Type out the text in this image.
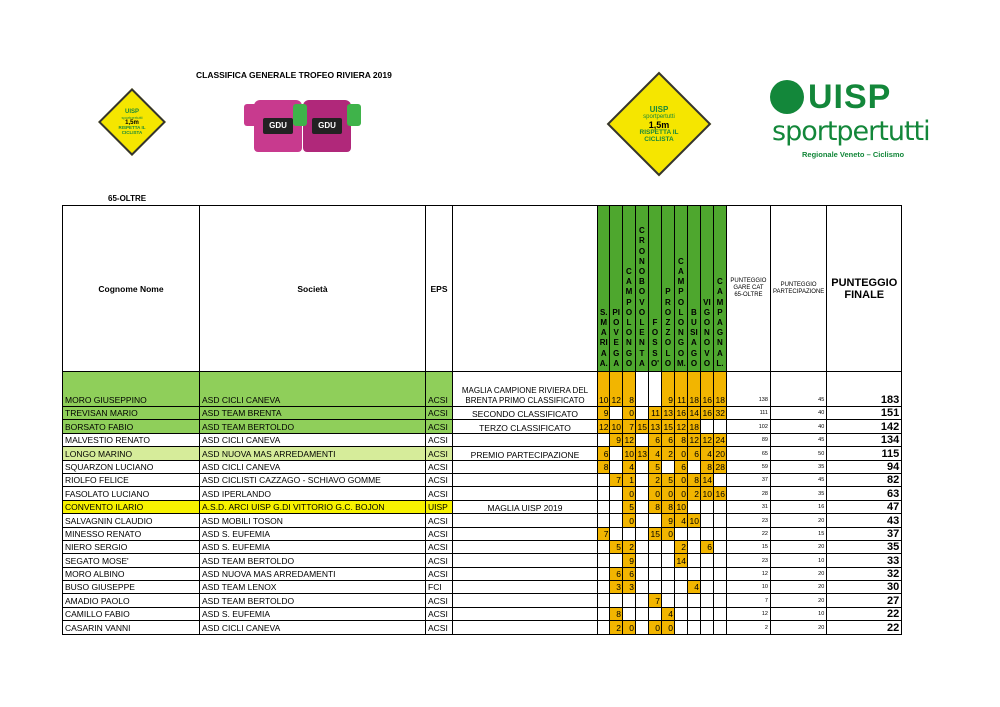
CLASSIFICA GENERALE TROFEO RIVIERA 2019
UISP
sportpertutti
1,5m
RISPETTA IL CICLISTA
GDU	GDU
UISP
sportpertutti
1,5m
RISPETTA IL CICLISTA
UISP
sportpertutti
Regionale Veneto – Ciclismo
65-OLTRE
Cognome Nome	Società	EPS		S. MARIA A.	PIOVEGA	CAMPOLONGO	CRONO BOVOLENTA	FOSSO'	PROZZOLO	CAMPOLONGO M.	BUSIAGO	VIGONOVO	CAMPAGNA L.	PUNTEGGIO GARE CAT 65-OLTRE	PUNTEGGIO PARTECIPAZIONE	PUNTEGGIO FINALE
MORO GIUSEPPINO	ASD CICLI CANEVA	ACSI	MAGLIA CAMPIONE RIVIERA DEL BRENTA PRIMO CLASSIFICATO	10	12	8			9	11	18	16	18	138	45	183
TREVISAN MARIO	ASD TEAM BRENTA	ACSI	SECONDO CLASSIFICATO	9		0		11	13	16	14	16	32	111	40	151
BORSATO FABIO	ASD TEAM BERTOLDO	ACSI	TERZO CLASSIFICATO	12	10	7	15	13	15	12	18			102	40	142
MALVESTIO RENATO	ASD CICLI CANEVA	ACSI			9	12		6	6	8	12	12	24	89	45	134
LONGO MARINO	ASD NUOVA MAS ARREDAMENTI	ACSI	PREMIO PARTECIPAZIONE	6		10	13	4	2	0	6	4	20	65	50	115
SQUARZON LUCIANO	ASD CICLI CANEVA	ACSI		8		4		5		6		8	28	59	35	94
RIOLFO FELICE	ASD CICLISTI CAZZAGO - SCHIAVO GOMME	ACSI			7	1		2	5	0	8	14		37	45	82
FASOLATO LUCIANO	ASD IPERLANDO	ACSI				0		0	0	0	2	10	16	28	35	63
CONVENTO ILARIO	A.S.D. ARCI UISP G.DI VITTORIO G.C. BOJON	UISP	MAGLIA UISP 2019			5		8	8	10				31	16	47
SALVAGNIN CLAUDIO	ASD MOBILI TOSON	ACSI				0			9	4	10			23	20	43
MINESSO RENATO	ASD S. EUFEMIA	ACSI		7				15	0					22	15	37
NIERO SERGIO	ASD S. EUFEMIA	ACSI			5	2				2		6		15	20	35
SEGATO MOSE'	ASD TEAM BERTOLDO	ACSI				9				14				23	10	33
MORO ALBINO	ASD NUOVA MAS ARREDAMENTI	ACSI			6	6								12	20	32
BUSO GIUSEPPE	ASD TEAM LENOX	FCI			3	3					4			10	20	30
AMADIO PAOLO	ASD TEAM BERTOLDO	ACSI						7						7	20	27
CAMILLO FABIO	ASD S. EUFEMIA	ACSI			8				4					12	10	22
CASARIN VANNI	ASD CICLI CANEVA	ACSI			2	0		0	0					2	20	22
